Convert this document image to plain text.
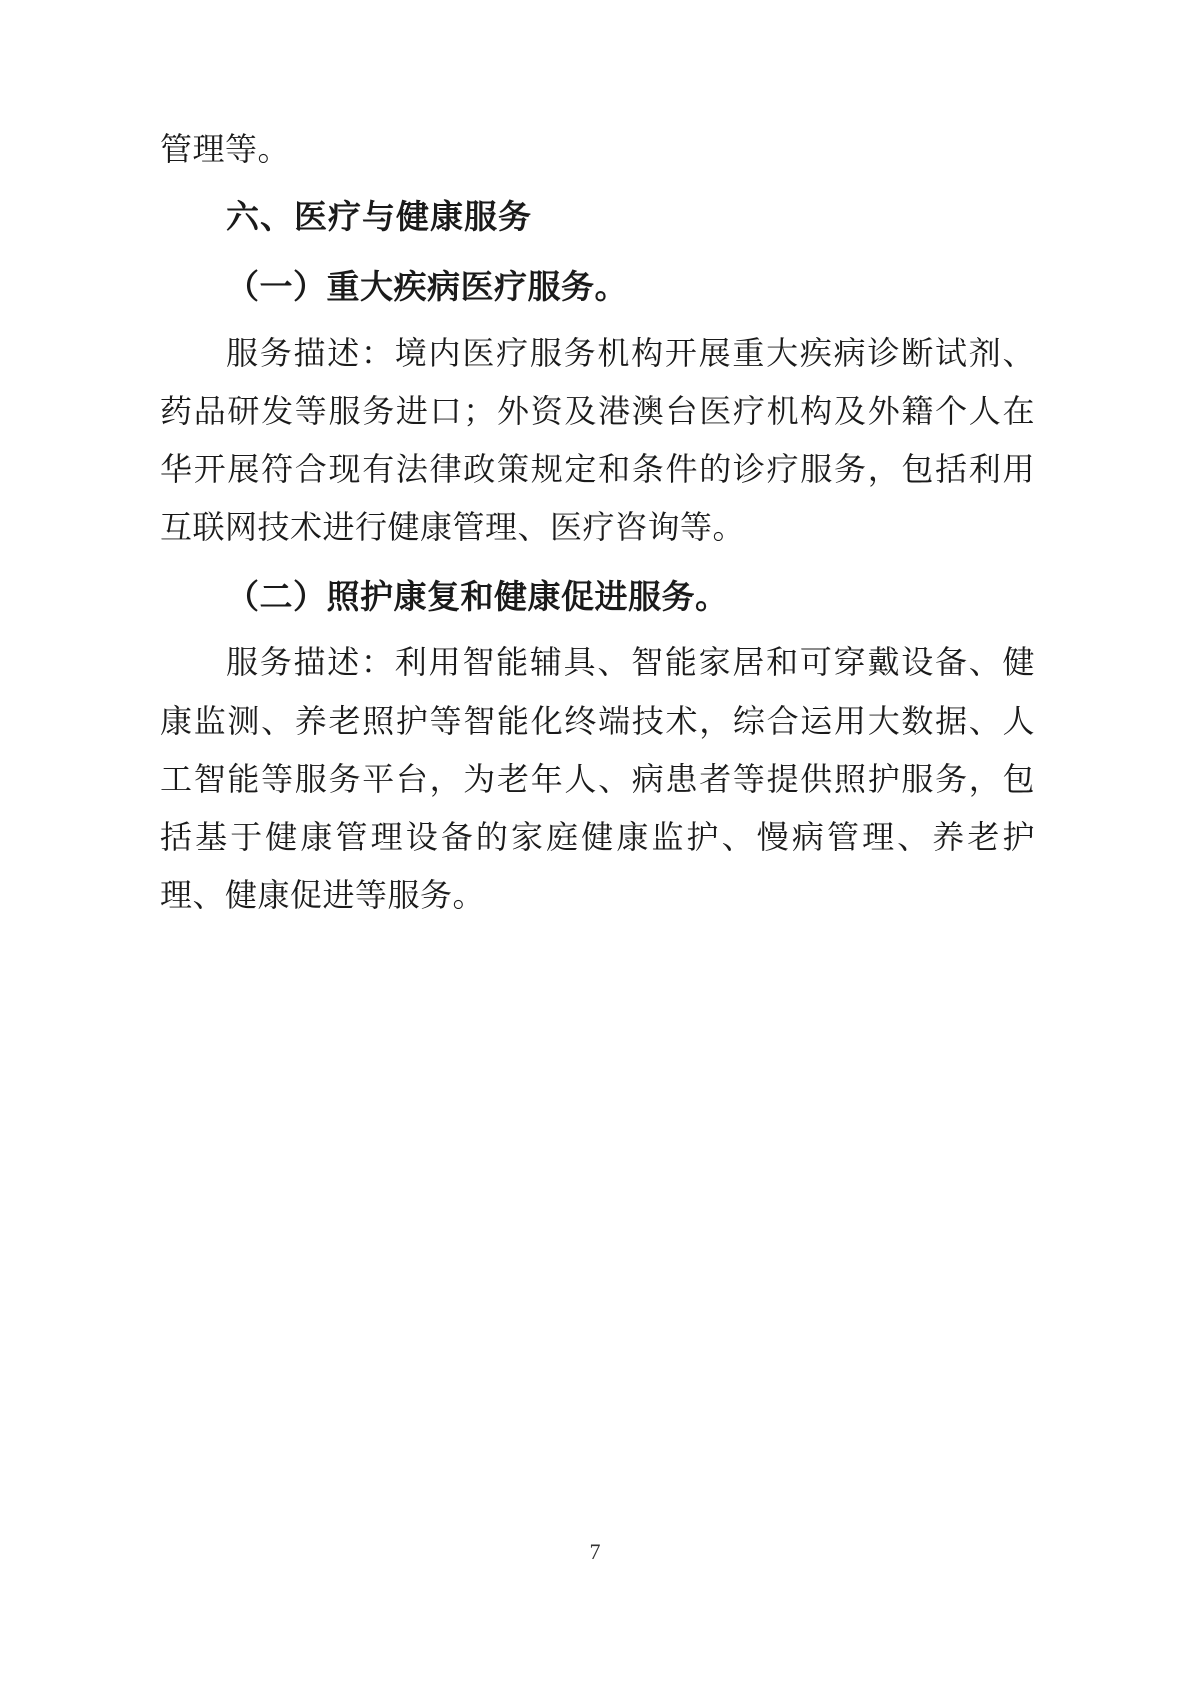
管理等。

六、医疗与健康服务

（一）重大疾病医疗服务。

服务描述：境内医疗服务机构开展重大疾病诊断试剂、药品研发等服务进口；外资及港澳台医疗机构及外籍个人在华开展符合现有法律政策规定和条件的诊疗服务，包括利用互联网技术进行健康管理、医疗咨询等。

（二）照护康复和健康促进服务。

服务描述：利用智能辅具、智能家居和可穿戴设备、健康监测、养老照护等智能化终端技术，综合运用大数据、人工智能等服务平台，为老年人、病患者等提供照护服务，包括基于健康管理设备的家庭健康监护、慢病管理、养老护理、健康促进等服务。

7
